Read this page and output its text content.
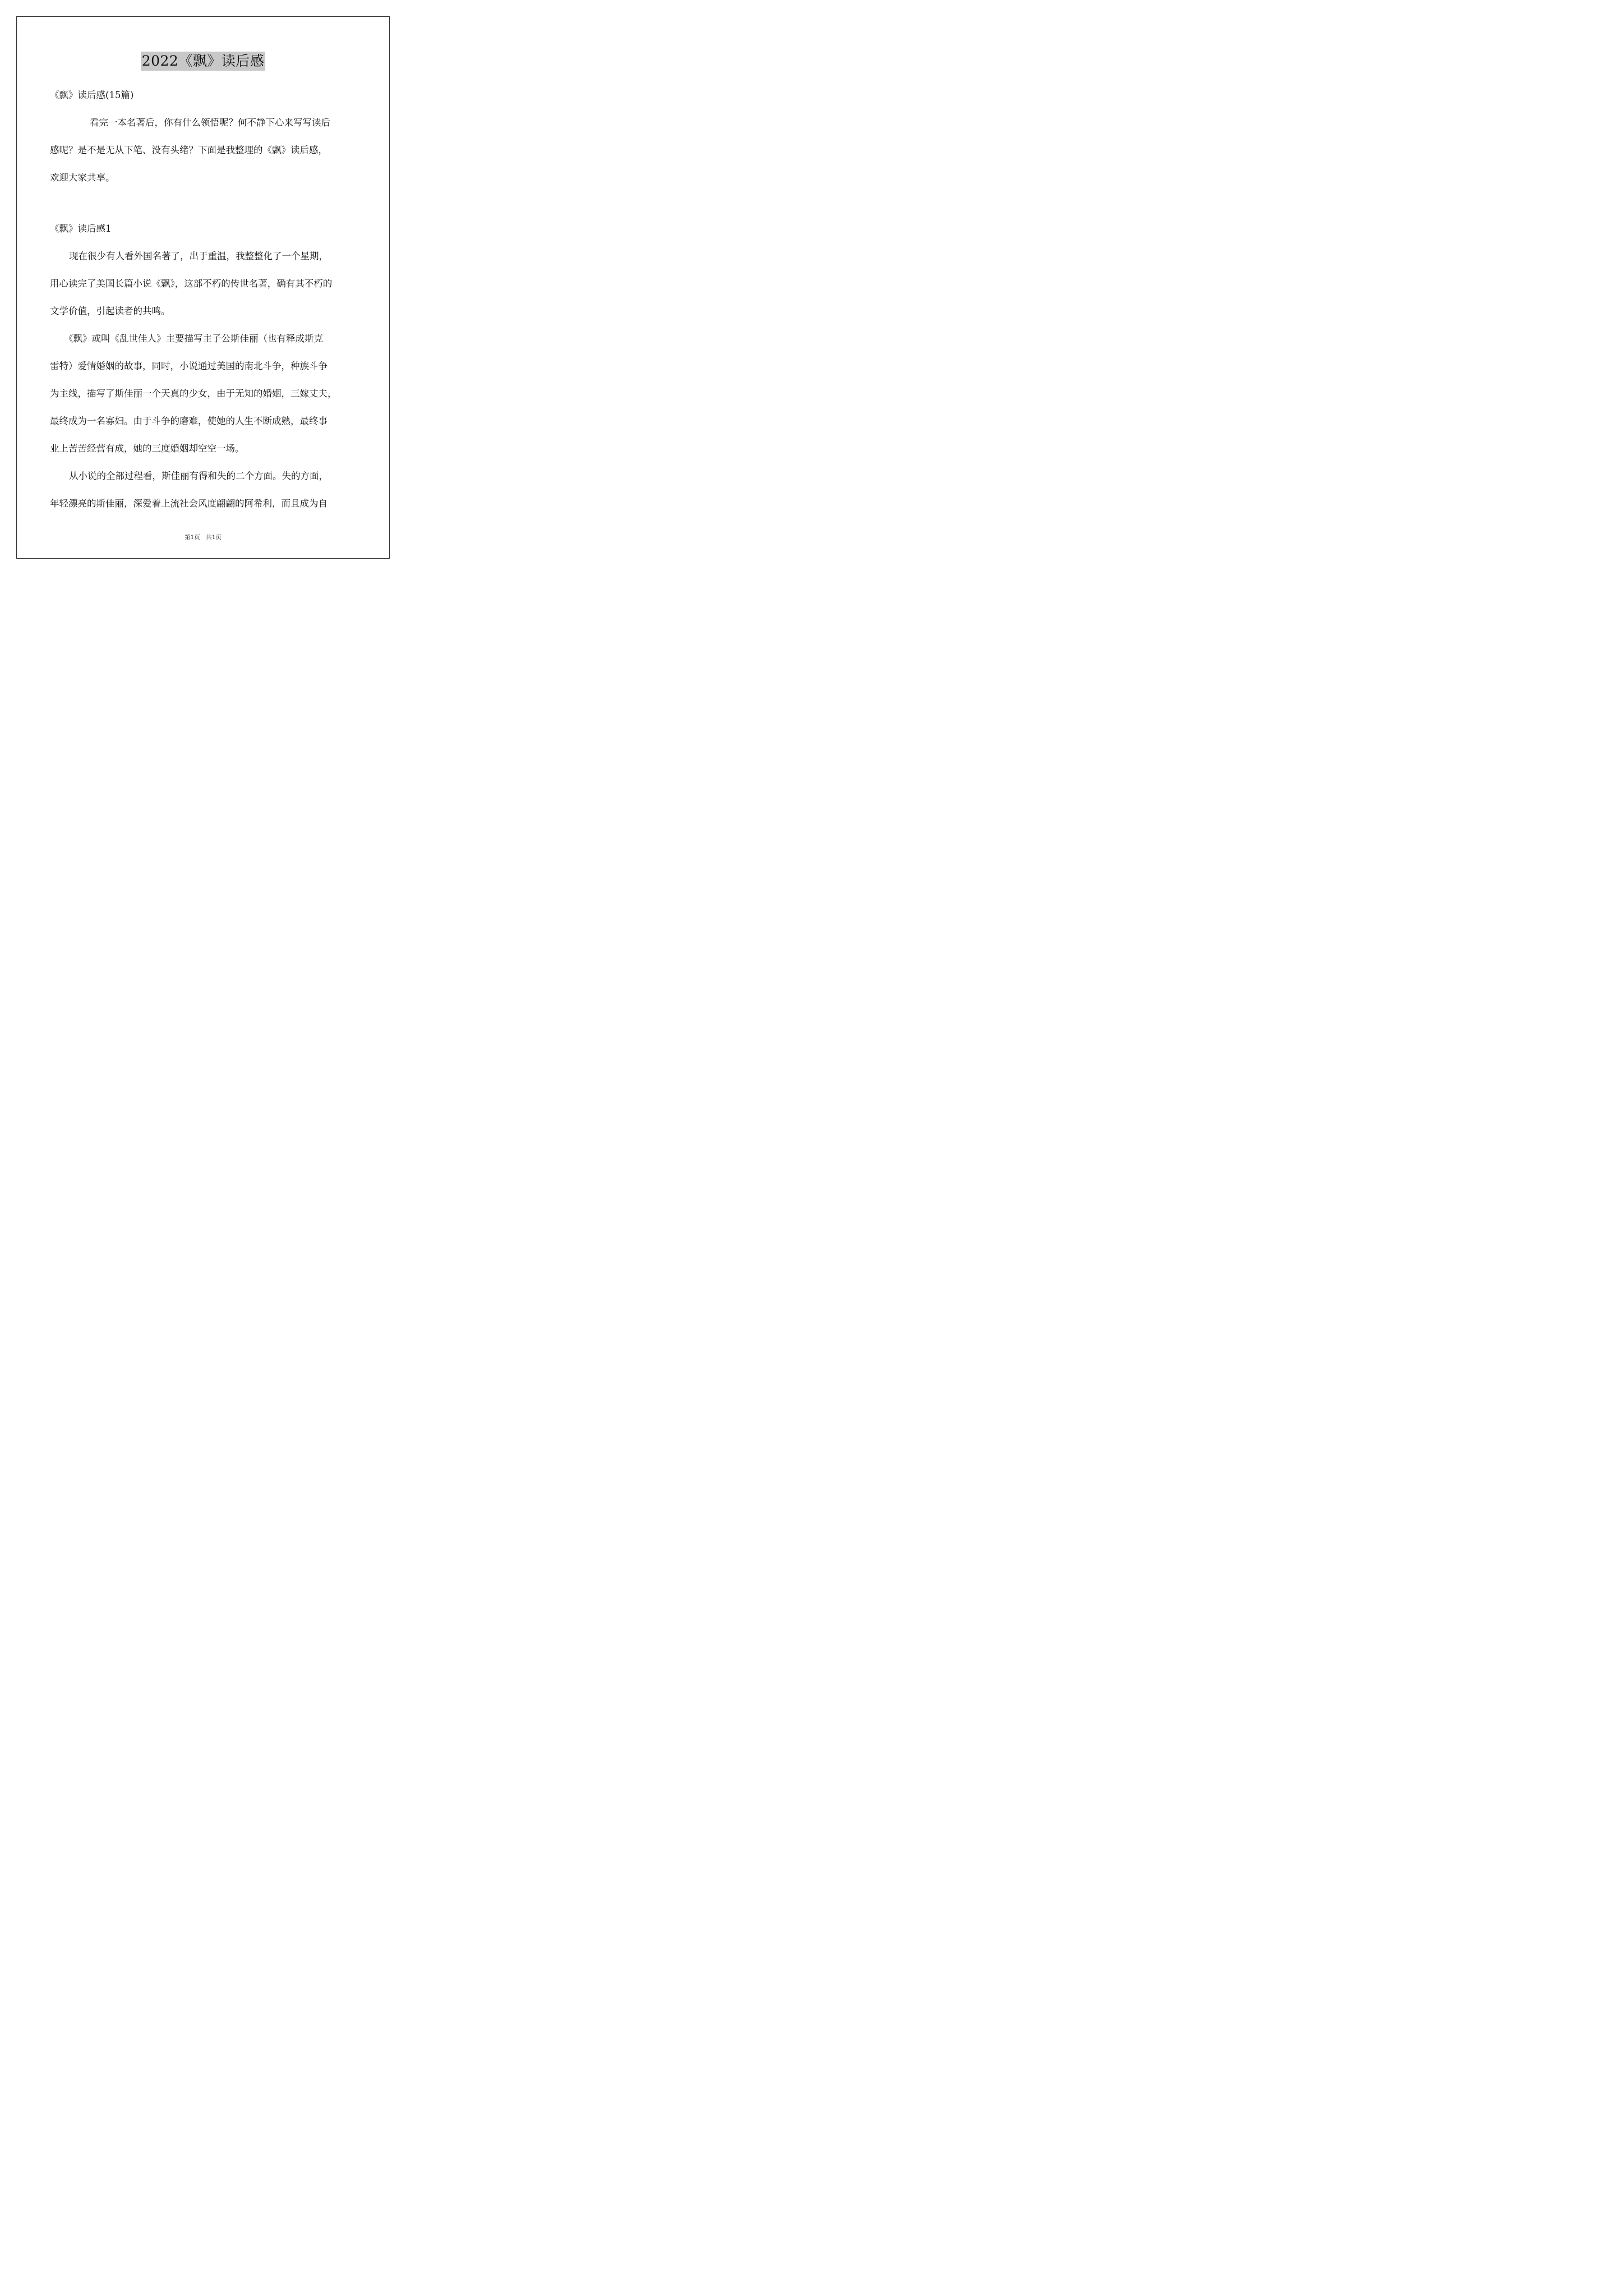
2022《飘》读后感
《飘》读后感(15篇)
看完一本名著后，你有什么领悟呢？何不静下心来写写读后
感呢？是不是无从下笔、没有头绪？下面是我整理的《飘》读后感，
欢迎大家共享。
《飘》读后感1
现在很少有人看外国名著了，出于重温，我整整化了一个星期，
用心读完了美国长篇小说《飘》，这部不朽的传世名著，确有其不朽的
文学价值，引起读者的共鸣。
《飘》或叫《乱世佳人》主要描写主子公斯佳丽（也有释成斯克
雷特）爱情婚姻的故事，同时，小说通过美国的南北斗争，种族斗争
为主线，描写了斯佳丽一个天真的少女，由于无知的婚姻，三嫁丈夫，
最终成为一名寡妇。由于斗争的磨难，使她的人生不断成熟，最终事
业上苦苦经营有成，她的三度婚姻却空空一场。
从小说的全部过程看，斯佳丽有得和失的二个方面。失的方面，
年轻漂亮的斯佳丽，深爱着上流社会风度翩翩的阿希利，而且成为自
第1页　共1页
